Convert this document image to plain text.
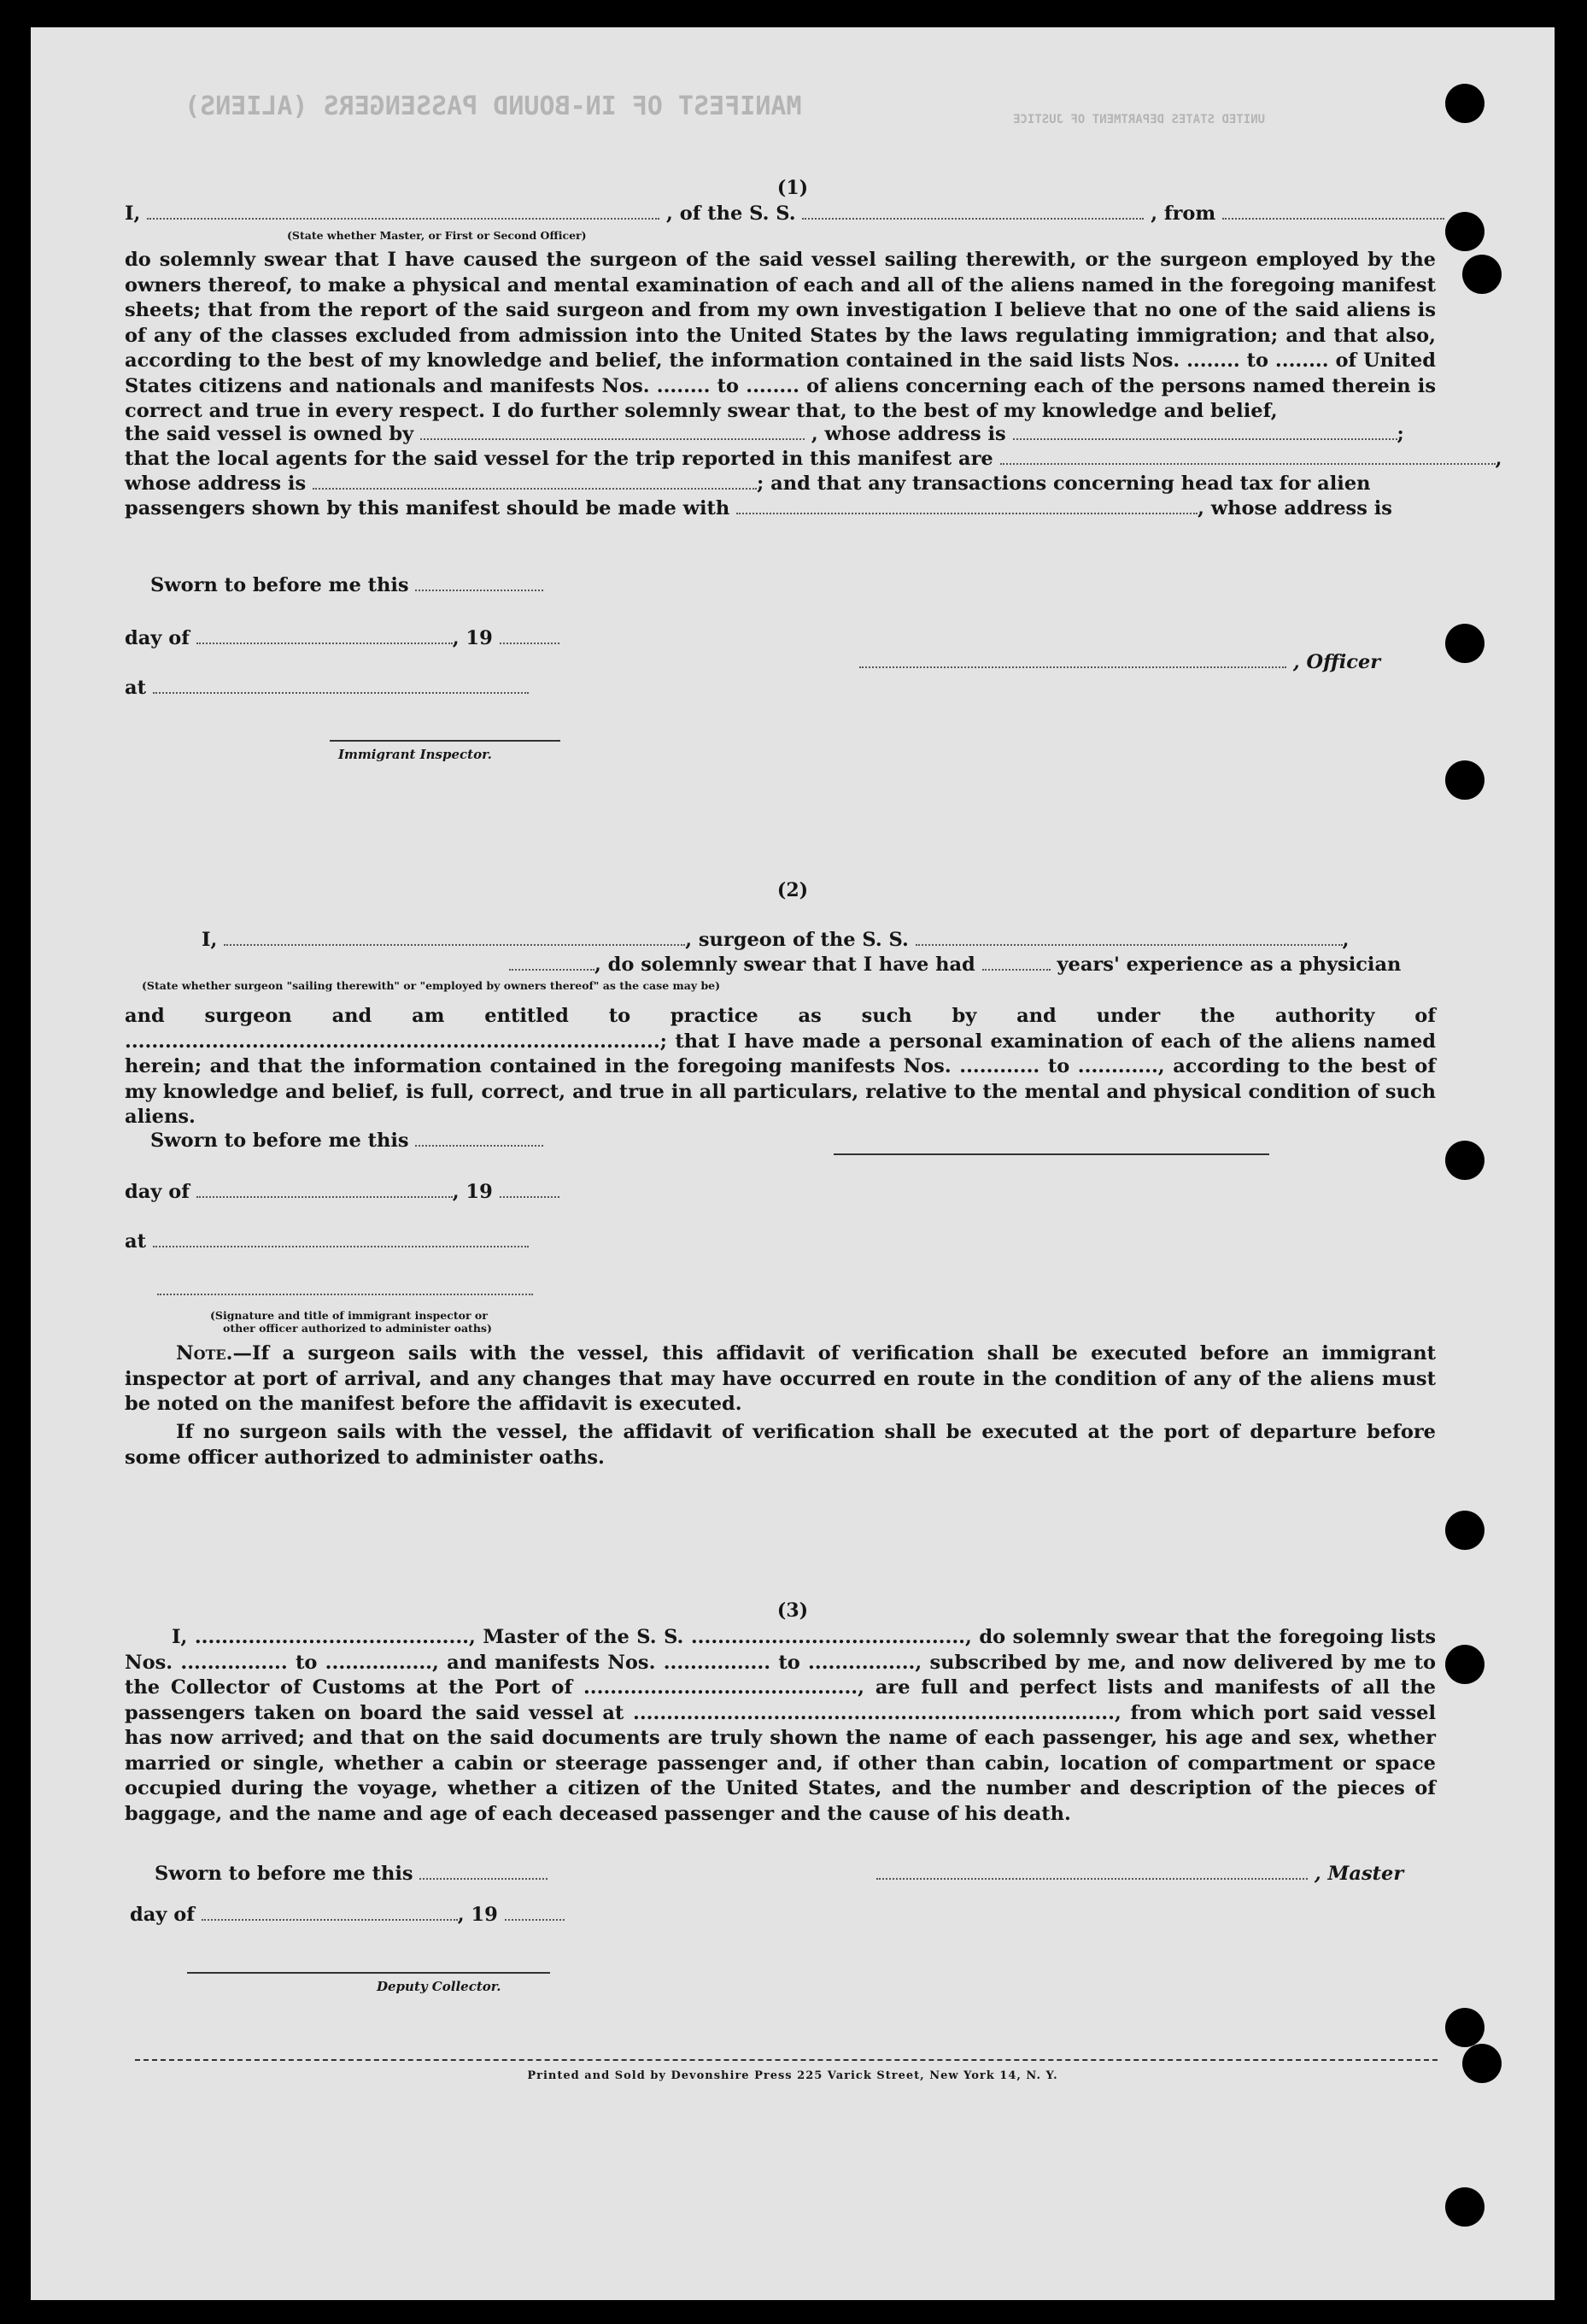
MANIFEST OF IN-BOUND PASSENGERS (ALIENS)	UNITED STATES DEPARTMENT OF JUSTICE
(1)
I,	, of the S. S.	, from
(State whether Master, or First or Second Officer)

do solemnly swear that I have caused the surgeon of the said vessel sailing therewith, or the surgeon employed by the owners thereof, to make a physical and mental examination of each and all of the aliens named in the foregoing manifest sheets; that from the report of the said surgeon and from my own investigation I believe that no one of the said aliens is of any of the classes excluded from admission into the United States by the laws regulating immigration; and that also, according to the best of my knowledge and belief, the information contained in the said lists Nos. ........ to ........ of United States citizens and nationals and manifests Nos. ........ to ........ of aliens concerning each of the persons named therein is correct and true in every respect. I do further solemnly swear that, to the best of my knowledge and belief,

the said vessel is owned by	, whose address is	;
that the local agents for the said vessel for the trip reported in this manifest are	,
whose address is	; and that any transactions concerning head tax for alien
passengers shown by this manifest should be made with	, whose address is
Sworn to before me this
day of	, 19
at
, Officer
Immigrant Inspector.
(2)
I,	, surgeon of the S. S.	,
, do solemnly swear that I have had	years' experience as a physician
(State whether surgeon "sailing therewith" or "employed by owners thereof" as the case may be)

and surgeon and am entitled to practice as such by and under the authority of ................................................................................; that I have made a personal examination of each of the aliens named herein; and that the information contained in the foregoing manifests Nos. ............ to ............, according to the best of my knowledge and belief, is full, correct, and true in all particulars, relative to the mental and physical condition of such aliens.

Sworn to before me this
day of	, 19
at
(Signature and title of immigrant inspector or
other officer authorized to administer oaths)

Note.—If a surgeon sails with the vessel, this affidavit of verification shall be executed before an immigrant inspector at port of arrival, and any changes that may have occurred en route in the condition of any of the aliens must be noted on the manifest before the affidavit is executed.

If no surgeon sails with the vessel, the affidavit of verification shall be executed at the port of departure before some officer authorized to administer oaths.

(3)

I, ........................................., Master of the S. S. ........................................., do solemnly swear that the foregoing lists Nos. ................ to ................, and manifests Nos. ................ to ................, subscribed by me, and now delivered by me to the Collector of Customs at the Port of ........................................., are full and perfect lists and manifests of all the passengers taken on board the said vessel at ........................................................................, from which port said vessel has now arrived; and that on the said documents are truly shown the name of each passenger, his age and sex, whether married or single, whether a cabin or steerage passenger and, if other than cabin, location of compartment or space occupied during the voyage, whether a citizen of the United States, and the number and description of the pieces of baggage, and the name and age of each deceased passenger and the cause of his death.

Sworn to before me this	, Master
day of	, 19
Deputy Collector.
Printed and Sold by Devonshire Press 225 Varick Street, New York 14, N. Y.
